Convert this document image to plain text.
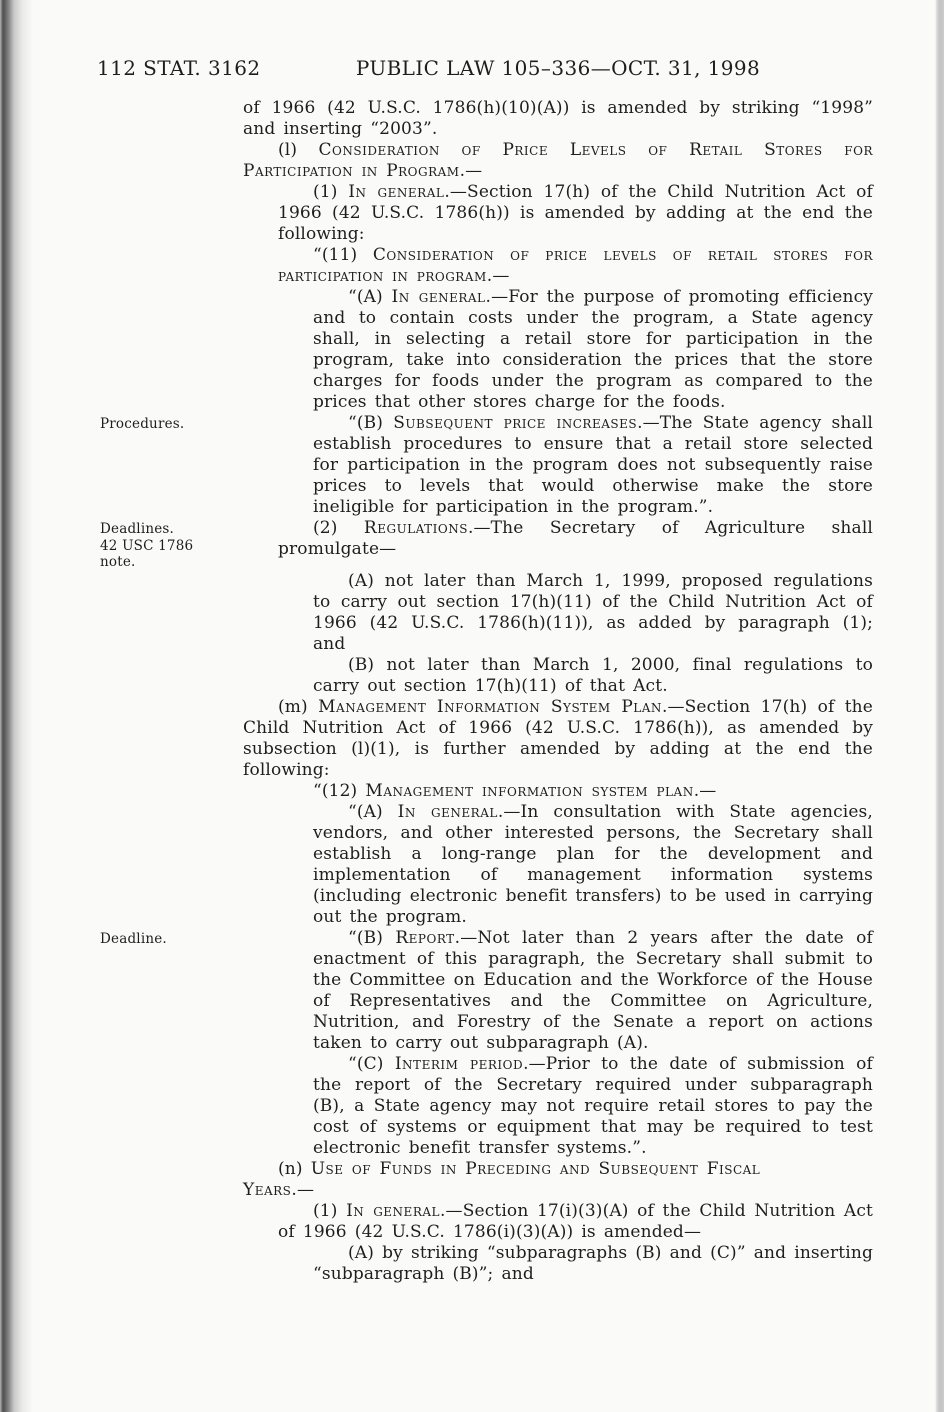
112 STAT. 3162	PUBLIC LAW 105–336—OCT. 31, 1998

of 1966 (42 U.S.C. 1786(h)(10)(A)) is amended by striking “1998” and inserting “2003”.

(l) Consideration of Price Levels of Retail Stores for Participation in Program.—

(1) In general.—Section 17(h) of the Child Nutrition Act of 1966 (42 U.S.C. 1786(h)) is amended by adding at the end the following:

“(11) Consideration of price levels of retail stores for participation in program.—

“(A) In general.—For the purpose of promoting efficiency and to contain costs under the program, a State agency shall, in selecting a retail store for participation in the program, take into consideration the prices that the store charges for foods under the program as compared to the prices that other stores charge for the foods.

Procedures.	“(B) Subsequent price increases.—The State agency shall establish procedures to ensure that a retail store selected for participation in the program does not subsequently raise prices to levels that would otherwise make the store ineligible for participation in the program.”.

Deadlines.
42 USC 1786
note.

(2) Regulations.—The Secretary of Agriculture shall promulgate—

(A) not later than March 1, 1999, proposed regulations to carry out section 17(h)(11) of the Child Nutrition Act of 1966 (42 U.S.C. 1786(h)(11)), as added by paragraph (1); and

(B) not later than March 1, 2000, final regulations to carry out section 17(h)(11) of that Act.

(m) Management Information System Plan.—Section 17(h) of the Child Nutrition Act of 1966 (42 U.S.C. 1786(h)), as amended by subsection (l)(1), is further amended by adding at the end the following:

“(12) Management information system plan.—

“(A) In general.—In consultation with State agencies, vendors, and other interested persons, the Secretary shall establish a long-range plan for the development and implementation of management information systems (including electronic benefit transfers) to be used in carrying out the program.

Deadline.	“(B) Report.—Not later than 2 years after the date of enactment of this paragraph, the Secretary shall submit to the Committee on Education and the Workforce of the House of Representatives and the Committee on Agriculture, Nutrition, and Forestry of the Senate a report on actions taken to carry out subparagraph (A).

“(C) Interim period.—Prior to the date of submission of the report of the Secretary required under subparagraph (B), a State agency may not require retail stores to pay the cost of systems or equipment that may be required to test electronic benefit transfer systems.”.

(n) Use of Funds in Preceding and Subsequent Fiscal
Years.—

(1) In general.—Section 17(i)(3)(A) of the Child Nutrition Act of 1966 (42 U.S.C. 1786(i)(3)(A)) is amended—

(A) by striking “subparagraphs (B) and (C)” and inserting “subparagraph (B)”; and
